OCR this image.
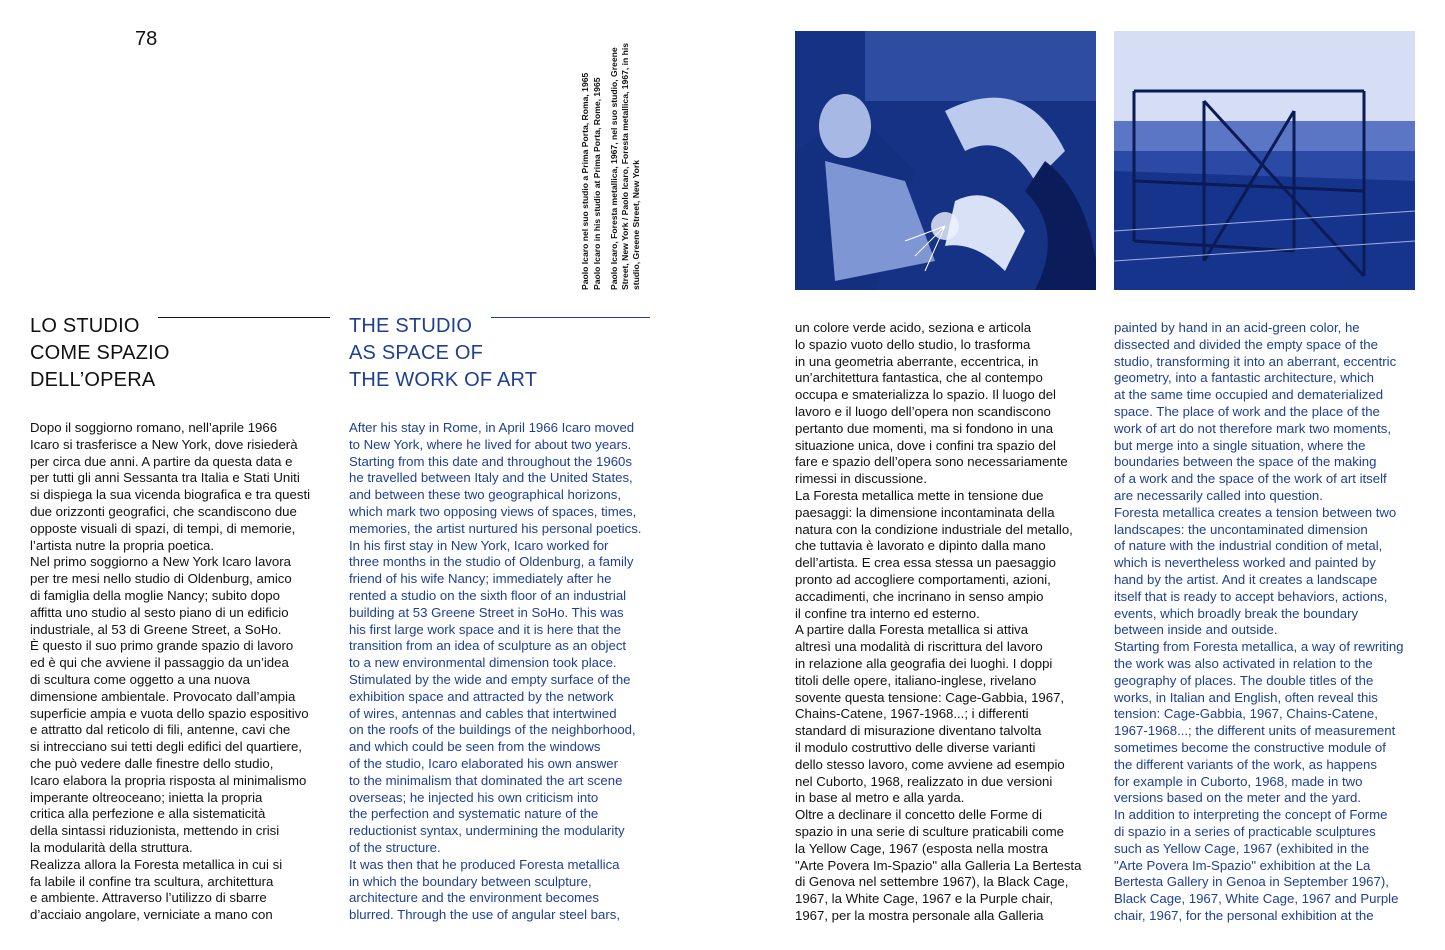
78

Paolo Icaro nel suo studio a Prima Porta, Roma, 1965 Paolo Icaro in his studio at Prima Porta, Rome, 1965 Paolo Icaro, Foresta metallica, 1967, nel suo studio, Greene Street, New York / Paolo Icaro, Foresta metallica, 1967, in his studio, Greene Street, New York

LO STUDIO
COME SPAZIO
DELL’OPERA
THE STUDIO
AS SPACE OF
THE WORK OF ART
Dopo il soggiorno romano, nell’aprile 1966
Icaro si trasferisce a New York, dove risiederà
per circa due anni. A partire da questa data e
per tutti gli anni Sessanta tra Italia e Stati Uniti
si dispiega la sua vicenda biografica e tra questi
due orizzonti geografici, che scandiscono due
opposte visuali di spazi, di tempi, di memorie,
l’artista nutre la propria poetica.
Nel primo soggiorno a New York Icaro lavora
per tre mesi nello studio di Oldenburg, amico
di famiglia della moglie Nancy; subito dopo
affitta uno studio al sesto piano di un edificio
industriale, al 53 di Greene Street, a SoHo.
È questo il suo primo grande spazio di lavoro
ed è qui che avviene il passaggio da un’idea
di scultura come oggetto a una nuova
dimensione ambientale. Provocato dall’ampia
superficie ampia e vuota dello spazio espositivo
e attratto dal reticolo di fili, antenne, cavi che
si intrecciano sui tetti degli edifici del quartiere,
che può vedere dalle finestre dello studio,
Icaro elabora la propria risposta al minimalismo
imperante oltreoceano; inietta la propria
critica alla perfezione e alla sistematicità
della sintassi riduzionista, mettendo in crisi
la modularità della struttura.
Realizza allora la Foresta metallica in cui si
fa labile il confine tra scultura, architettura
e ambiente. Attraverso l’utilizzo di sbarre
d’acciaio angolare, verniciate a mano con
After his stay in Rome, in April 1966 Icaro moved
to New York, where he lived for about two years.
Starting from this date and throughout the 1960s
he travelled between Italy and the United States,
and between these two geographical horizons,
which mark two opposing views of spaces, times,
memories, the artist nurtured his personal poetics.
In his first stay in New York, Icaro worked for
three months in the studio of Oldenburg, a family
friend of his wife Nancy; immediately after he
rented a studio on the sixth floor of an industrial
building at 53 Greene Street in SoHo. This was
his first large work space and it is here that the
transition from an idea of sculpture as an object
to a new environmental dimension took place.
Stimulated by the wide and empty surface of the
exhibition space and attracted by the network
of wires, antennas and cables that intertwined
on the roofs of the buildings of the neighborhood,
and which could be seen from the windows
of the studio, Icaro elaborated his own answer
to the minimalism that dominated the art scene
overseas; he injected his own criticism into
the perfection and systematic nature of the
reductionist syntax, undermining the modularity
of the structure.
It was then that he produced Foresta metallica
in which the boundary between sculpture,
architecture and the environment becomes
blurred. Through the use of angular steel bars,
un colore verde acido, seziona e articola
lo spazio vuoto dello studio, lo trasforma
in una geometria aberrante, eccentrica, in
un’architettura fantastica, che al contempo
occupa e smaterializza lo spazio. Il luogo del
lavoro e il luogo dell’opera non scandiscono
pertanto due momenti, ma si fondono in una
situazione unica, dove i confini tra spazio del
fare e spazio dell’opera sono necessariamente
rimessi in discussione.
La Foresta metallica mette in tensione due
paesaggi: la dimensione incontaminata della
natura con la condizione industriale del metallo,
che tuttavia è lavorato e dipinto dalla mano
dell’artista. E crea essa stessa un paesaggio
pronto ad accogliere comportamenti, azioni,
accadimenti, che incrinano in senso ampio
il confine tra interno ed esterno.
A partire dalla Foresta metallica si attiva
altresì una modalità di riscrittura del lavoro
in relazione alla geografia dei luoghi. I doppi
titoli delle opere, italiano-inglese, rivelano
sovente questa tensione: Cage-Gabbia, 1967,
Chains-Catene, 1967-1968...; i differenti
standard di misurazione diventano talvolta
il modulo costruttivo delle diverse varianti
dello stesso lavoro, come avviene ad esempio
nel Cuborto, 1968, realizzato in due versioni
in base al metro e alla yarda.
Oltre a declinare il concetto delle Forme di
spazio in una serie di sculture praticabili come
la Yellow Cage, 1967 (esposta nella mostra
"Arte Povera Im-Spazio" alla Galleria La Bertesta
di Genova nel settembre 1967), la Black Cage,
1967, la White Cage, 1967 e la Purple chair,
1967, per la mostra personale alla Galleria
painted by hand in an acid-green color, he
dissected and divided the empty space of the
studio, transforming it into an aberrant, eccentric
geometry, into a fantastic architecture, which
at the same time occupied and dematerialized
space. The place of work and the place of the
work of art do not therefore mark two moments,
but merge into a single situation, where the
boundaries between the space of the making
of a work and the space of the work of art itself
are necessarily called into question.
Foresta metallica creates a tension between two
landscapes: the uncontaminated dimension
of nature with the industrial condition of metal,
which is nevertheless worked and painted by
hand by the artist. And it creates a landscape
itself that is ready to accept behaviors, actions,
events, which broadly break the boundary
between inside and outside.
Starting from Foresta metallica, a way of rewriting
the work was also activated in relation to the
geography of places. The double titles of the
works, in Italian and English, often reveal this
tension: Cage-Gabbia, 1967, Chains-Catene,
1967-1968...; the different units of measurement
sometimes become the constructive module of
the different variants of the work, as happens
for example in Cuborto, 1968, made in two
versions based on the meter and the yard.
In addition to interpreting the concept of Forme
di spazio in a series of practicable sculptures
such as Yellow Cage, 1967 (exhibited in the
"Arte Povera Im-Spazio" exhibition at the La
Bertesta Gallery in Genoa in September 1967),
Black Cage, 1967, White Cage, 1967 and Purple
chair, 1967, for the personal exhibition at the
